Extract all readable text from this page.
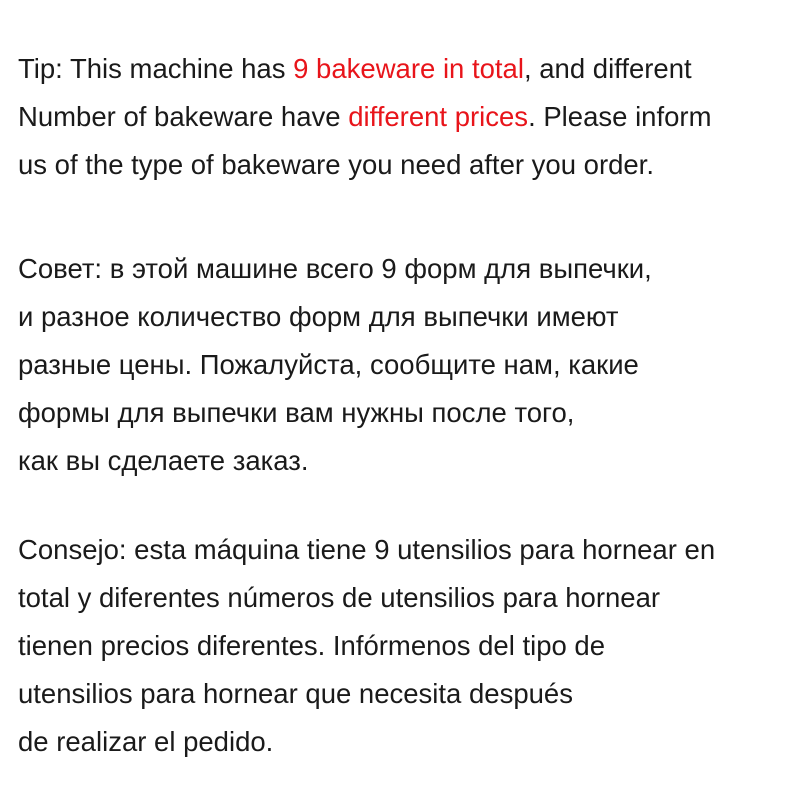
Tip: This machine has 9 bakeware in total, and different
Number of bakeware have different prices. Please inform
us of the type of bakeware you need after you order.
Совет: в этой машине всего 9 форм для выпечки,
и разное количество форм для выпечки имеют
разные цены. Пожалуйста, сообщите нам, какие
формы для выпечки вам нужны после того,
как вы сделаете заказ.
Consejo: esta máquina tiene 9 utensilios para hornear en
total y diferentes números de utensilios para hornear
tienen precios diferentes. Infórmenos del tipo de
utensilios para hornear que necesita después
de realizar el pedido.
